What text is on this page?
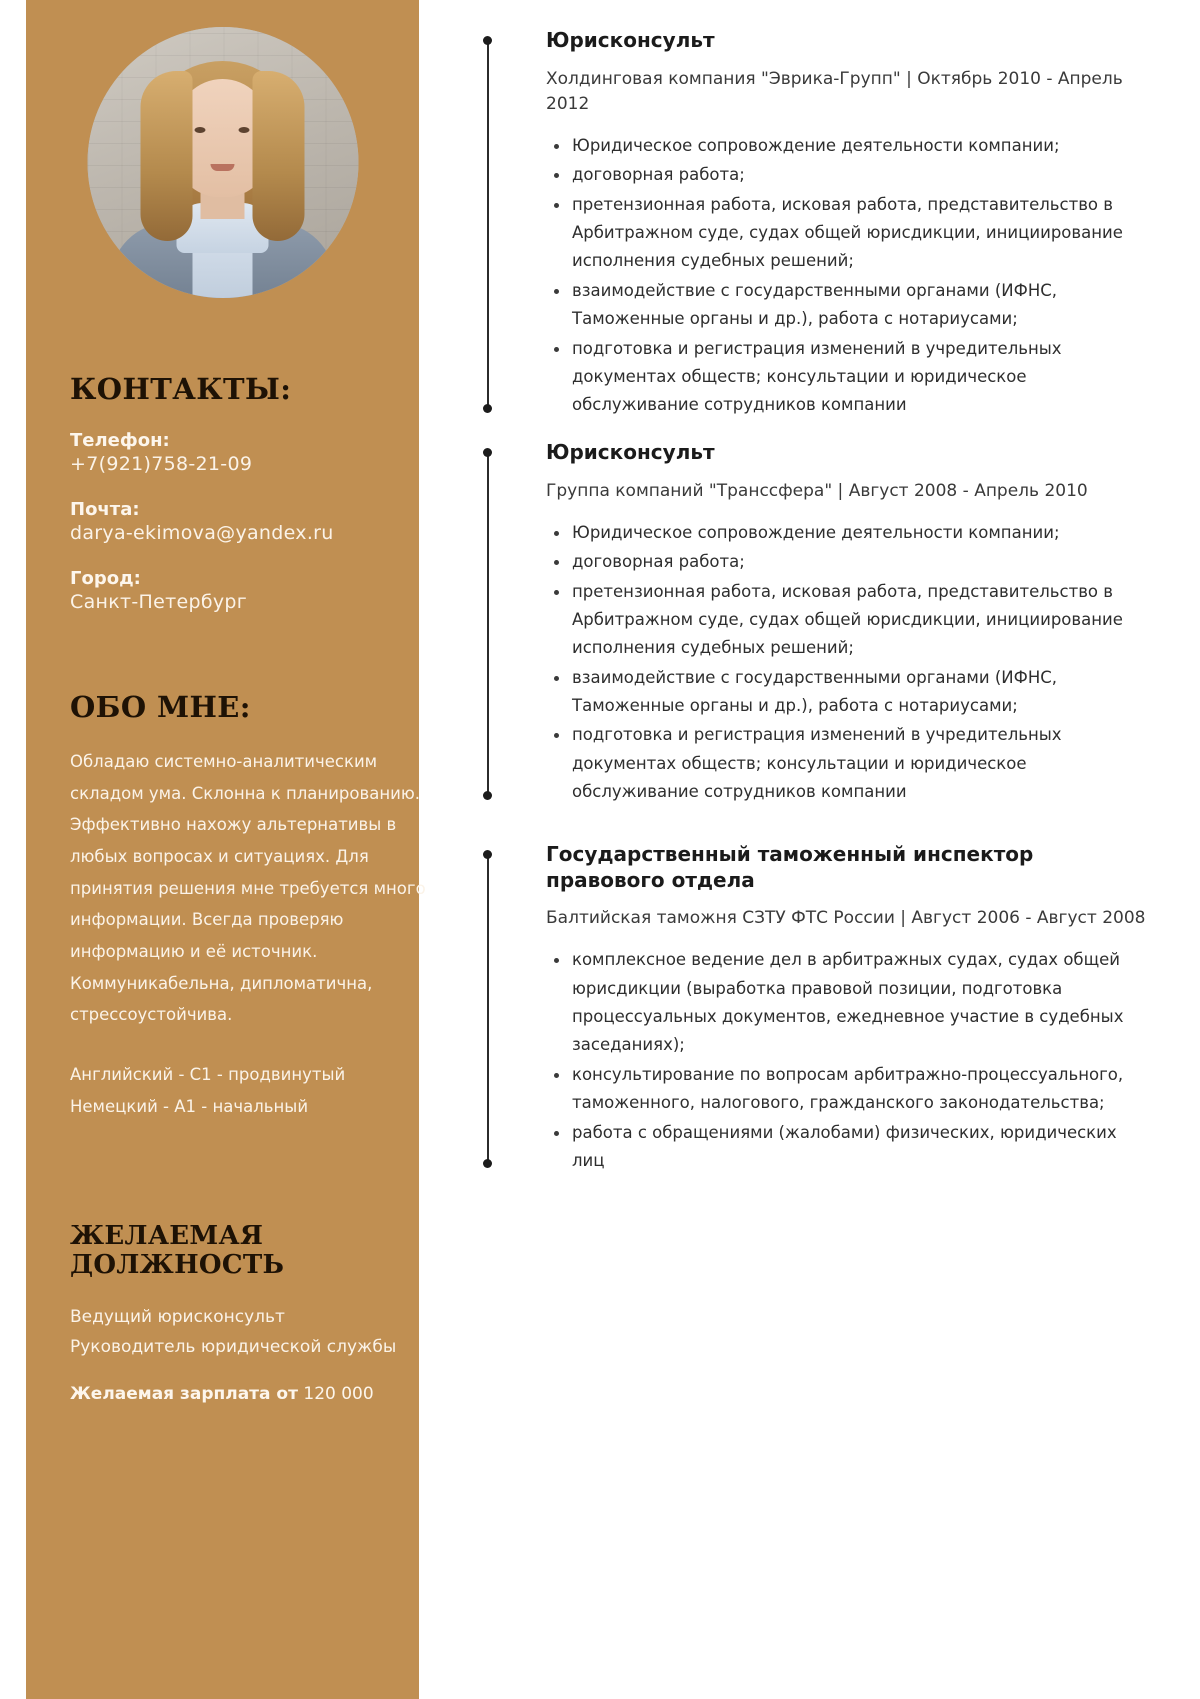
КОНТАКТЫ:
Телефон:
+7(921)758-21-09
Почта:
darya-ekimova@yandex.ru
Город:
Санкт-Петербург
ОБО МНЕ:

Обладаю системно-аналитическим складом ума. Склонна к планированию. Эффективно нахожу альтернативы в любых вопросах и ситуациях. Для принятия решения мне требуется много информации. Всегда проверяю информацию и её источник. Коммуникабельна, дипломатична, стрессоустойчива.

Английский - C1 - продвинутый
Немецкий - A1 - начальный
ЖЕЛАЕМАЯ ДОЛЖНОСТЬ
Ведущий юрисконсульт
Руководитель юридической службы
Желаемая зарплата от 120 000
Юрисконсульт
Холдинговая компания "Эврика-Групп" | Октябрь 2010 - Апрель 2012
Юридическое сопровождение деятельности компании;
договорная работа;
претензионная работа, исковая работа, представительство в Арбитражном суде, судах общей юрисдикции, инициирование исполнения судебных решений;
взаимодействие с государственными органами (ИФНС, Таможенные органы и др.), работа с нотариусами;
подготовка и регистрация изменений в учредительных документах обществ; консультации и юридическое обслуживание сотрудников компании
Юрисконсульт
Группа компаний "Транссфера" | Август 2008 - Апрель 2010
Юридическое сопровождение деятельности компании;
договорная работа;
претензионная работа, исковая работа, представительство в Арбитражном суде, судах общей юрисдикции, инициирование исполнения судебных решений;
взаимодействие с государственными органами (ИФНС, Таможенные органы и др.), работа с нотариусами;
подготовка и регистрация изменений в учредительных документах обществ; консультации и юридическое обслуживание сотрудников компании
Государственный таможенный инспектор правового отдела
Балтийская таможня СЗТУ ФТС России | Август 2006 - Август 2008
комплексное ведение дел в арбитражных судах, судах общей юрисдикции (выработка правовой позиции, подготовка процессуальных документов, ежедневное участие в судебных заседаниях);
консультирование по вопросам арбитражно-процессуального, таможенного, налогового, гражданского законодательства;
работа с обращениями (жалобами) физических, юридических лиц
